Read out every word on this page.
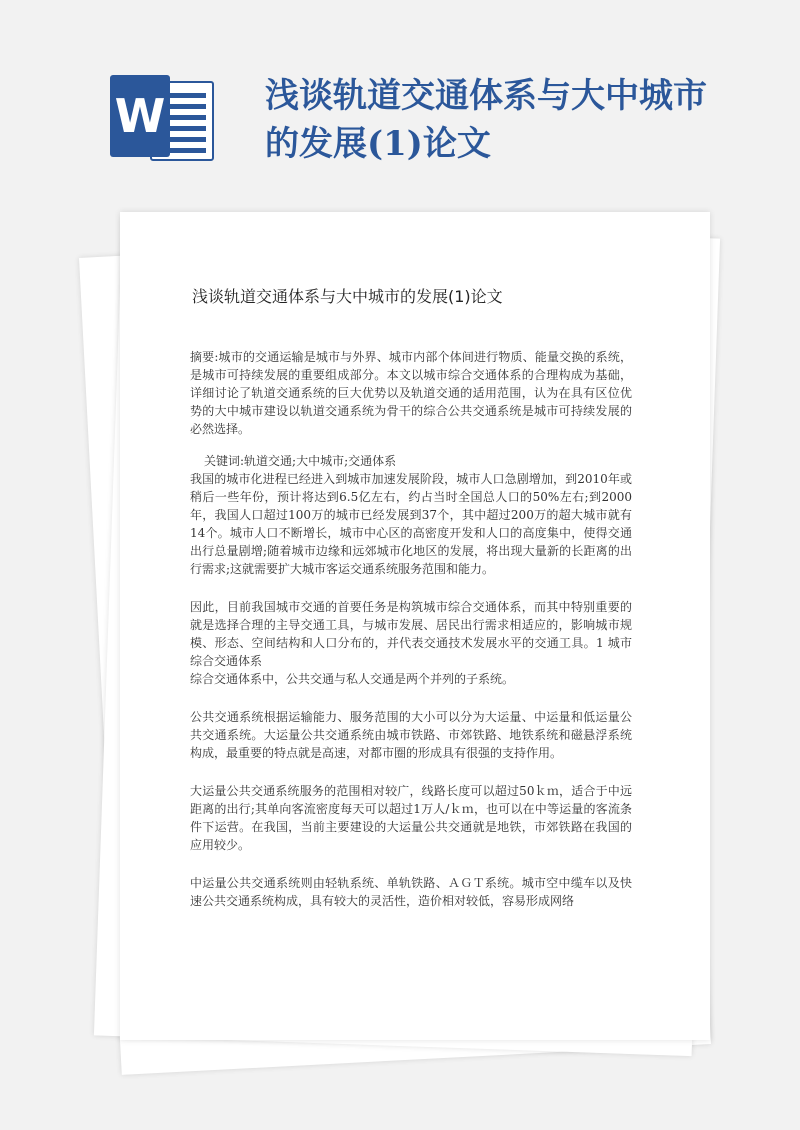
W	浅谈轨道交通体系与大中城市
的发展(1)论文
浅谈轨道交通体系与大中城市的发展(1)论文

摘要:城市的交通运输是城市与外界、城市内部个体间进行物质、能量交换的系统，是城市可持续发展的重要组成部分。本文以城市综合交通体系的合理构成为基础，详细讨论了轨道交通系统的巨大优势以及轨道交通的适用范围，认为在具有区位优势的大中城市建设以轨道交通系统为骨干的综合公共交通系统是城市可持续发展的必然选择。

关键词:轨道交通;大中城市;交通体系

我国的城市化进程已经进入到城市加速发展阶段，城市人口急剧增加，到2010年或稍后一些年份，预计将达到6.5亿左右，约占当时全国总人口的50%左右;到2000年，我国人口超过100万的城市已经发展到37个，其中超过200万的超大城市就有14个。城市人口不断增长，城市中心区的高密度开发和人口的高度集中，使得交通出行总量剧增;随着城市边缘和远郊城市化地区的发展，将出现大量新的长距离的出行需求;这就需要扩大城市客运交通系统服务范围和能力。

因此，目前我国城市交通的首要任务是构筑城市综合交通体系，而其中特别重要的就是选择合理的主导交通工具，与城市发展、居民出行需求相适应的，影响城市规模、形态、空间结构和人口分布的，并代表交通技术发展水平的交通工具。1 城市综合交通体系
综合交通体系中，公共交通与私人交通是两个并列的子系统。

公共交通系统根据运输能力、服务范围的大小可以分为大运量、中运量和低运量公共交通系统。大运量公共交通系统由城市铁路、市郊铁路、地铁系统和磁悬浮系统构成，最重要的特点就是高速，对都市圈的形成具有很强的支持作用。

大运量公共交通系统服务的范围相对较广，线路长度可以超过50ｋｍ，适合于中远距离的出行;其单向客流密度每天可以超过1万人/ｋｍ，也可以在中等运量的客流条件下运营。在我国，当前主要建设的大运量公共交通就是地铁，市郊铁路在我国的应用较少。

中运量公共交通系统则由轻轨系统、单轨铁路、ＡＧＴ系统。城市空中缆车以及快速公共交通系统构成，具有较大的灵活性，造价相对较低，容易形成网络
